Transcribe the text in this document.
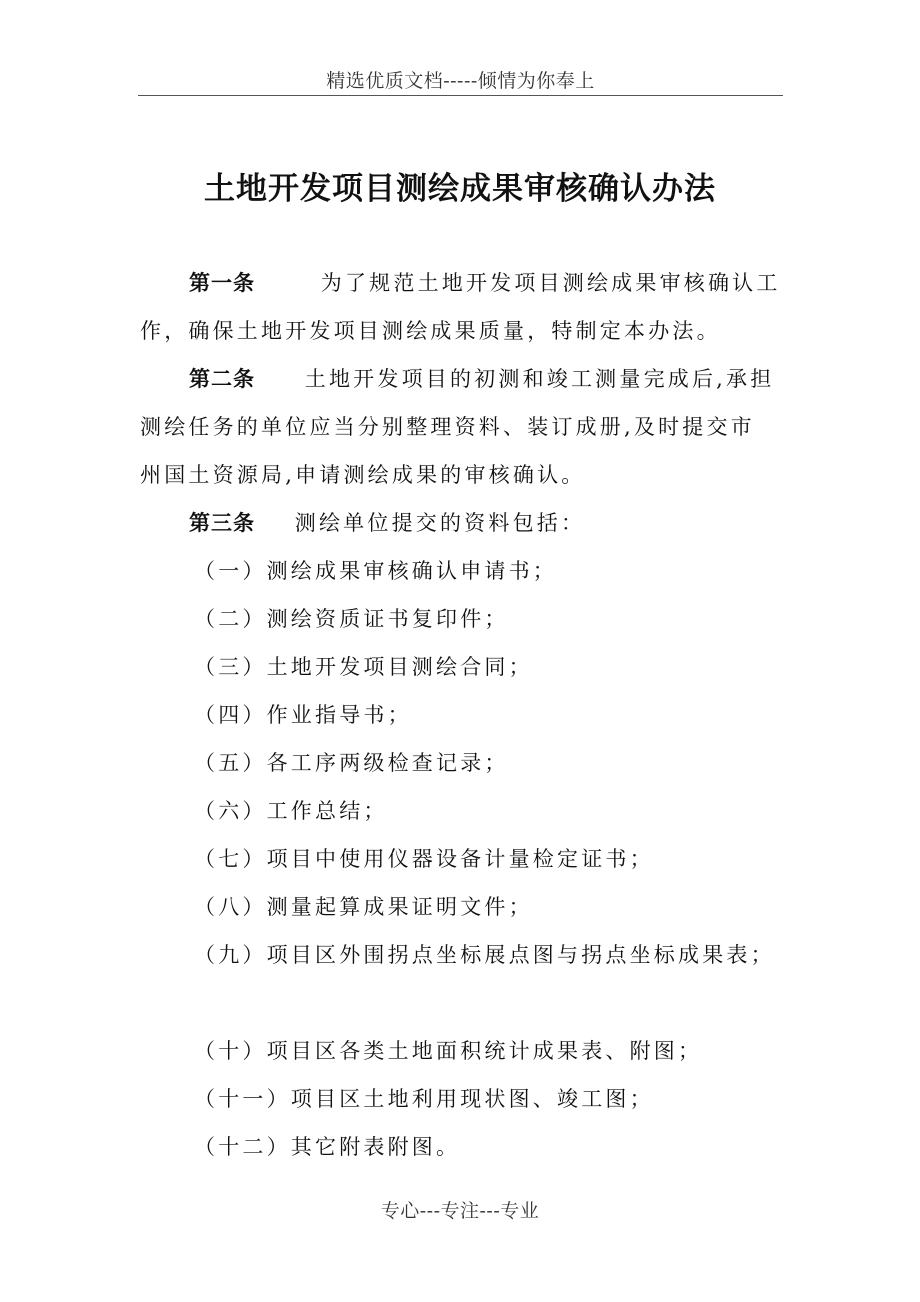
精选优质文档-----倾情为你奉上
土地开发项目测绘成果审核确认办法
第一条	为了规范土地开发项目测绘成果审核确认工
作，确保土地开发项目测绘成果质量，特制定本办法。
第二条 土地开发项目的初测和竣工测量完成后,承担
测绘任务的单位应当分别整理资料、装订成册,及时提交市
州国土资源局,申请测绘成果的审核确认。
第三条 测绘单位提交的资料包括：
（一）测绘成果审核确认申请书；
（二）测绘资质证书复印件；
（三）土地开发项目测绘合同；
（四）作业指导书；
（五）各工序两级检查记录；
（六）工作总结；
（七）项目中使用仪器设备计量检定证书；
（八）测量起算成果证明文件；
（九）项目区外围拐点坐标展点图与拐点坐标成果表；
（十）项目区各类土地面积统计成果表、附图；
（十一）项目区土地利用现状图、竣工图；
（十二）其它附表附图。
专心---专注---专业
